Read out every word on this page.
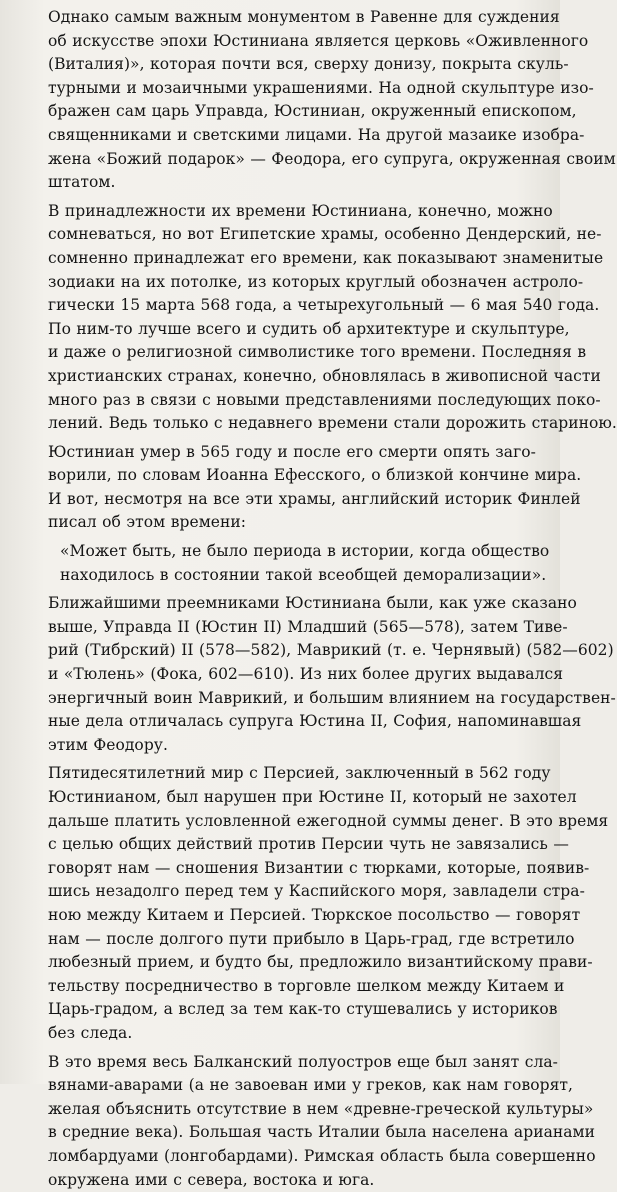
Однако самым важным монументом в Равенне для суждения
об искусстве эпохи Юстиниана является церковь «Оживленного
(Виталия)», которая почти вся, сверху донизу, покрыта скуль-
турными и мозаичными украшениями. На одной скульптуре изо-
бражен сам царь Управда, Юстиниан, окруженный епископом,
священниками и светскими лицами. На другой мазаике изобра-
жена «Божий подарок» — Феодора, его супруга, окруженная своим
штатом.

В принадлежности их времени Юстиниана, конечно, можно
сомневаться, но вот Египетские храмы, особенно Дендерский, не-
сомненно принадлежат его времени, как показывают знаменитые
зодиаки на их потолке, из которых круглый обозначен астроло-
гически 15 марта 568 года, а четырехугольный — 6 мая 540 года.
По ним-то лучше всего и судить об архитектуре и скульптуре,
и даже о религиозной символистике того времени. Последняя в
христианских странах, конечно, обновлялась в живописной части
много раз в связи с новыми представлениями последующих поко-
лений. Ведь только с недавнего времени стали дорожить стариною.

Юстиниан умер в 565 году и после его смерти опять заго-
ворили, по словам Иоанна Ефесского, о близкой кончине мира.
И вот, несмотря на все эти храмы, английский историк Финлей
писал об этом времени:

«Может быть, не было периода в истории, когда общество
находилось в состоянии такой всеобщей деморализации».

Ближайшими преемниками Юстиниана были, как уже сказано
выше, Управда II (Юстин II) Младший (565—578), затем Тиве-
рий (Тибрский) II (578—582), Маврикий (т. е. Чернявый) (582—602)
и «Тюлень» (Фока, 602—610). Из них более других выдавался
энергичный воин Маврикий, и большим влиянием на государствен-
ные дела отличалась супруга Юстина II, София, напоминавшая
этим Феодору.

Пятидесятилетний мир с Персией, заключенный в 562 году
Юстинианом, был нарушен при Юстине II, который не захотел
дальше платить условленной ежегодной суммы денег. В это время
с целью общих действий против Персии чуть не завязались —
говорят нам — сношения Византии с тюрками, которые, появив-
шись незадолго перед тем у Каспийского моря, завладели стра-
ною между Китаем и Персией. Тюркское посольство — говорят
нам — после долгого пути прибыло в Царь-град, где встретило
любезный прием, и будто бы, предложило византийскому прави-
тельству посредничество в торговле шелком между Китаем и
Царь-градом, а вслед за тем как-то стушевались у историков
без следа.

В это время весь Балканский полуостров еще был занят сла-
вянами-аварами (а не завоеван ими у греков, как нам говорят,
желая объяснить отсутствие в нем «древне-греческой культуры»
в средние века). Большая часть Италии была населена арианами
ломбардуами (лонгобардами). Римская область была совершенно
окружена ими с севера, востока и юга.
